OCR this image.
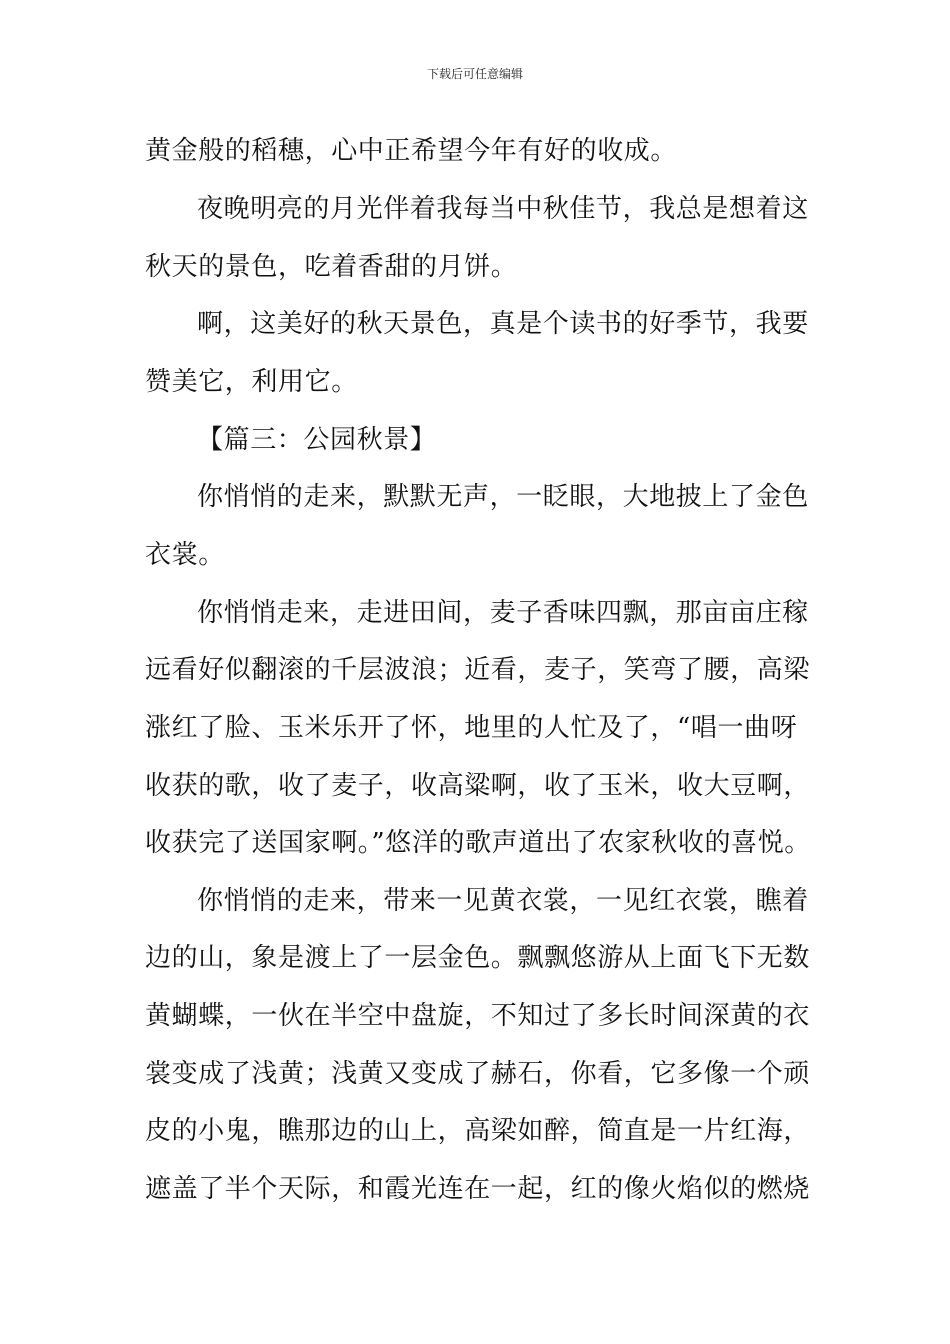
下载后可任意编辑
黄金般的稻穗，心中正希望今年有好的收成。
夜晚明亮的月光伴着我每当中秋佳节，我总是想着这
秋天的景色，吃着香甜的月饼。
啊，这美好的秋天景色，真是个读书的好季节，我要
赞美它，利用它。
【篇三：公园秋景】
你悄悄的走来，默默无声，一眨眼，大地披上了金色
衣裳。
你悄悄走来，走进田间，麦子香味四飘，那亩亩庄稼
远看好似翻滚的千层波浪；近看，麦子，笑弯了腰，高梁
涨红了脸、玉米乐开了怀，地里的人忙及了，“唱一曲呀
收获的歌，收了麦子，收高粱啊，收了玉米，收大豆啊，
收获完了送国家啊。”悠洋的歌声道出了农家秋收的喜悦。
你悄悄的走来，带来一见黄衣裳，一见红衣裳，瞧着
边的山，象是渡上了一层金色。飘飘悠游从上面飞下无数
黄蝴蝶，一伙在半空中盘旋，不知过了多长时间深黄的衣
裳变成了浅黄；浅黄又变成了赫石，你看，它多像一个顽
皮的小鬼，瞧那边的山上，高梁如醉，简直是一片红海，
遮盖了半个天际，和霞光连在一起，红的像火焰似的燃烧
